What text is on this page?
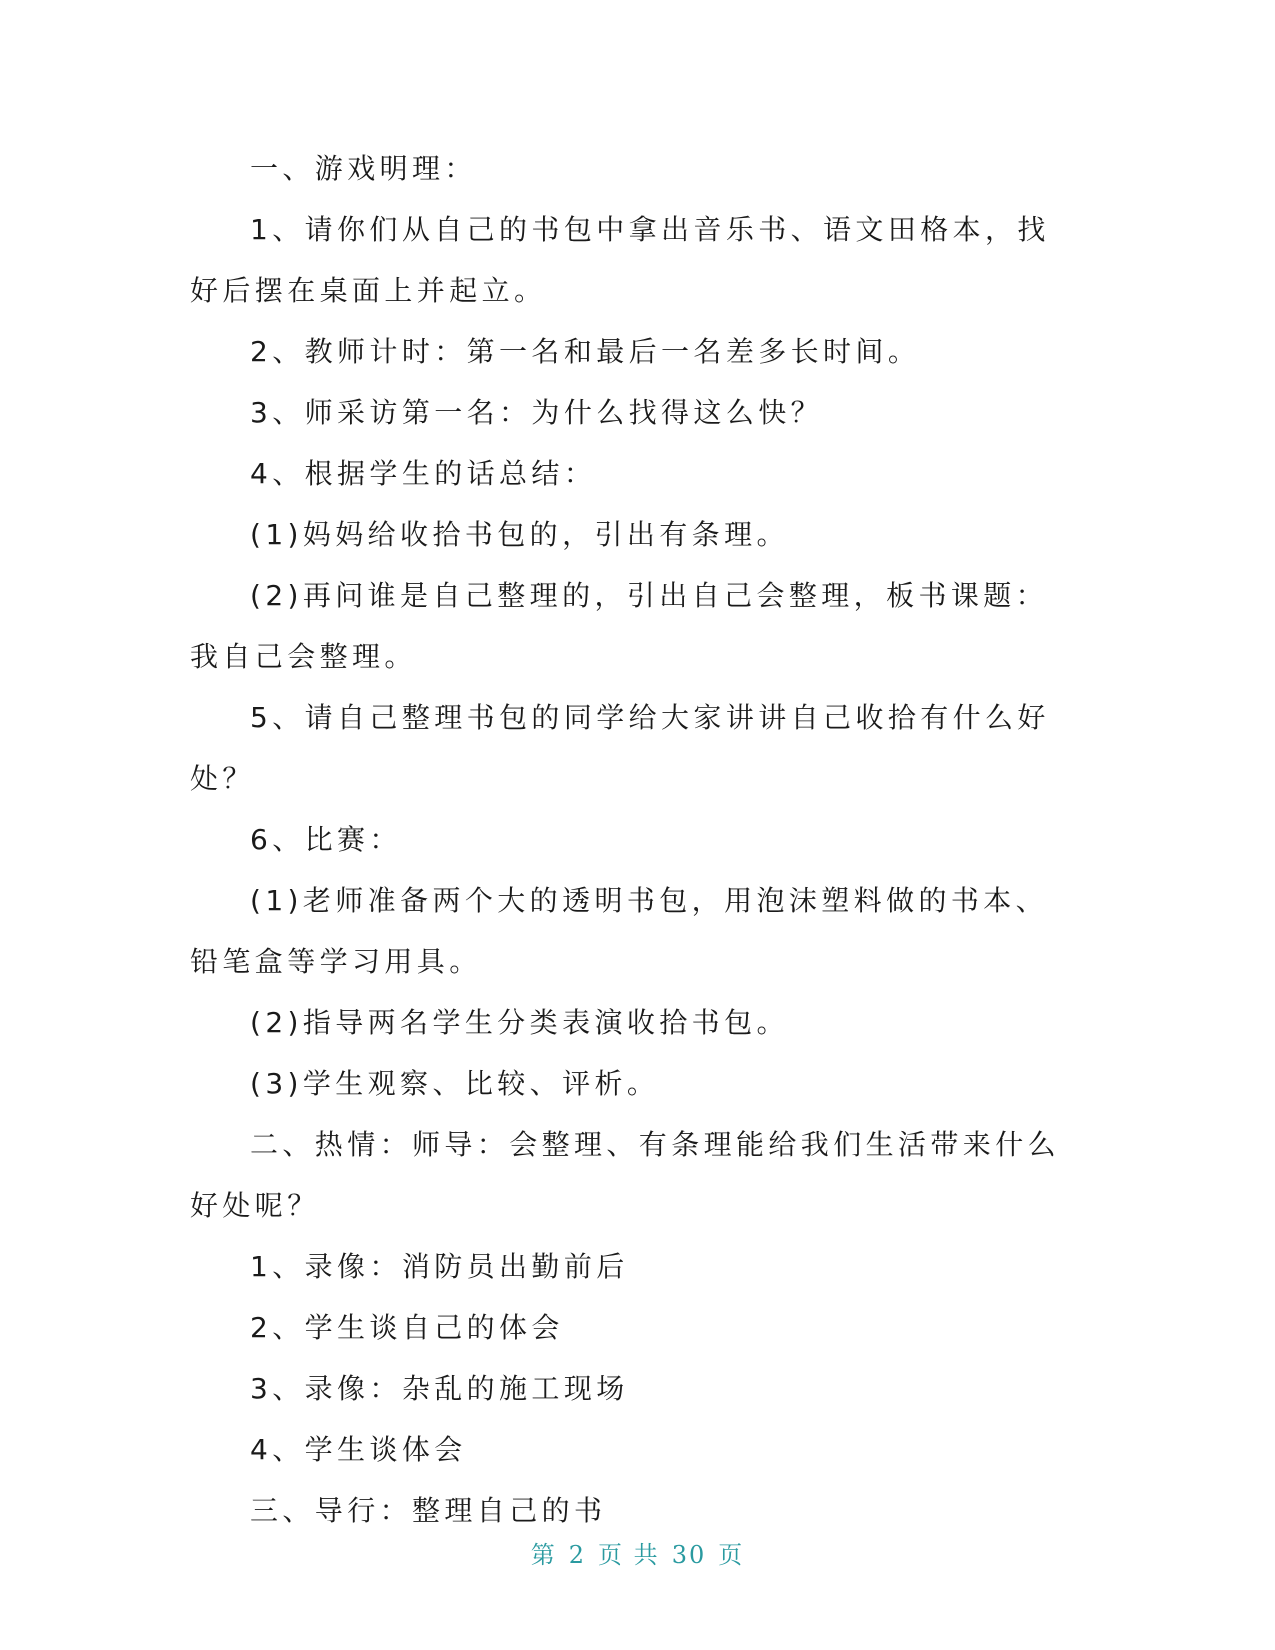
一、游戏明理：

1、请你们从自己的书包中拿出音乐书、语文田格本，找好后摆在桌面上并起立。

2、教师计时：第一名和最后一名差多长时间。

3、师采访第一名：为什么找得这么快？

4、根据学生的话总结：

(1)妈妈给收拾书包的，引出有条理。

(2)再问谁是自己整理的，引出自己会整理，板书课题：我自己会整理。

5、请自己整理书包的同学给大家讲讲自己收拾有什么好处？

6、比赛：

(1)老师准备两个大的透明书包，用泡沫塑料做的书本、铅笔盒等学习用具。

(2)指导两名学生分类表演收拾书包。

(3)学生观察、比较、评析。

二、热情：师导：会整理、有条理能给我们生活带来什么好处呢？

1、录像：消防员出勤前后

2、学生谈自己的体会

3、录像：杂乱的施工现场

4、学生谈体会

三、导行：整理自己的书

第 2 页 共 30 页
